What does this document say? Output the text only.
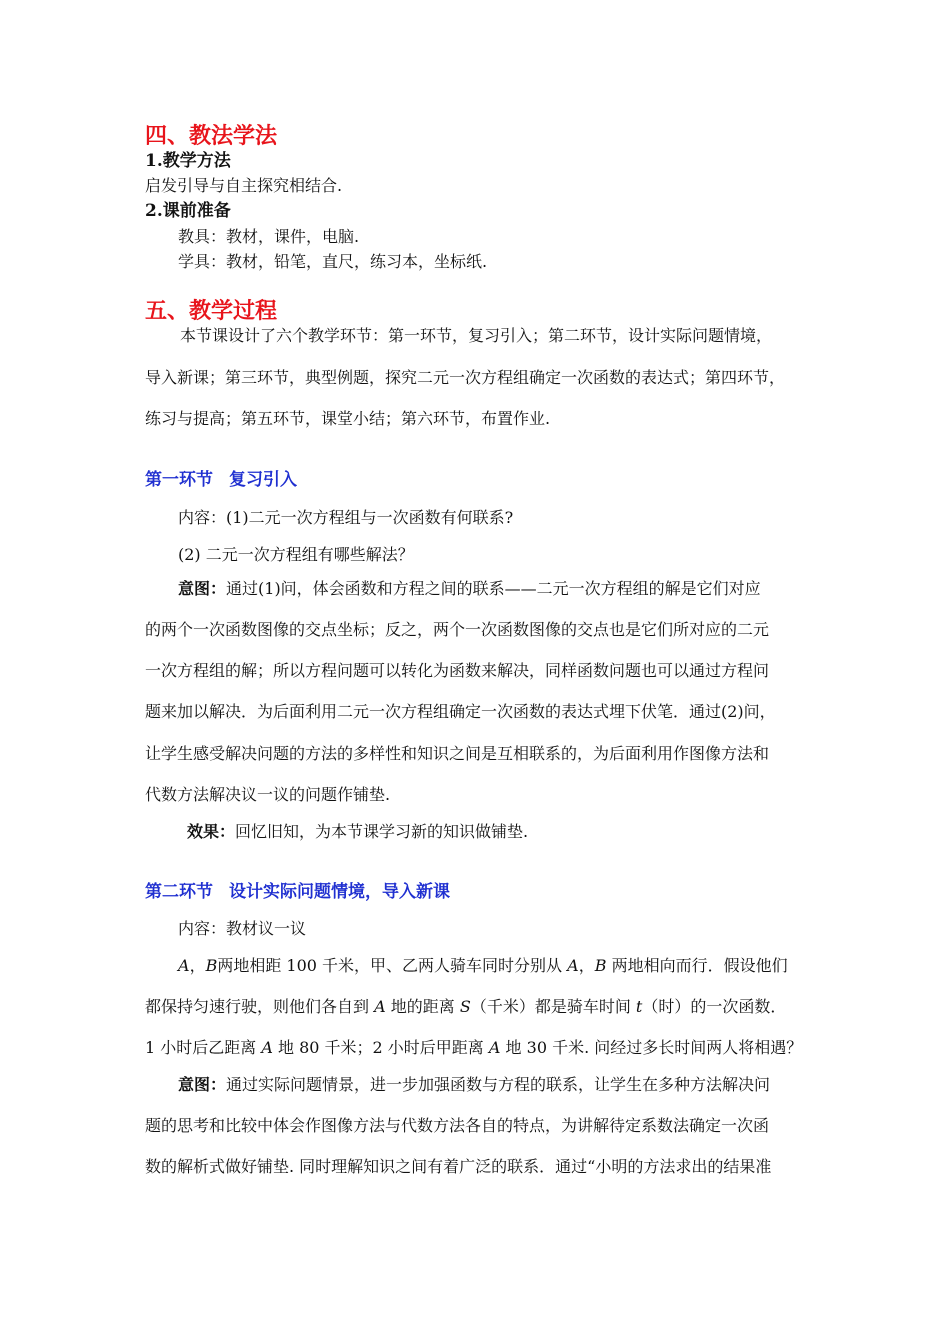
四、教法学法
1.教学方法
启发引导与自主探究相结合.
2.课前准备
教具：教材，课件，电脑.
学具：教材，铅笔，直尺，练习本，坐标纸.
五、教学过程
本节课设计了六个教学环节：第一环节，复习引入；第二环节，设计实际问题情境，
导入新课；第三环节，典型例题，探究二元一次方程组确定一次函数的表达式；第四环节，
练习与提高；第五环节，课堂小结；第六环节，布置作业.
第一环节 复习引入
内容：(1)二元一次方程组与一次函数有何联系?
(2) 二元一次方程组有哪些解法？
意图：通过(1)问，体会函数和方程之间的联系——二元一次方程组的解是它们对应
的两个一次函数图像的交点坐标；反之，两个一次函数图像的交点也是它们所对应的二元
一次方程组的解；所以方程问题可以转化为函数来解决，同样函数问题也可以通过方程问
题来加以解决．为后面利用二元一次方程组确定一次函数的表达式埋下伏笔．通过(2)问，
让学生感受解决问题的方法的多样性和知识之间是互相联系的，为后面利用作图像方法和
代数方法解决议一议的问题作铺垫.
效果：回忆旧知，为本节课学习新的知识做铺垫.
第二环节 设计实际问题情境，导入新课
内容：教材议一议
A，B两地相距 100 千米，甲、乙两人骑车同时分别从 A，B 两地相向而行．假设他们
都保持匀速行驶，则他们各自到 A 地的距离 S（千米）都是骑车时间 t（时）的一次函数．
1 小时后乙距离 A 地 80 千米；2 小时后甲距离 A 地 30 千米. 问经过多长时间两人将相遇？
意图：通过实际问题情景，进一步加强函数与方程的联系，让学生在多种方法解决问
题的思考和比较中体会作图像方法与代数方法各自的特点，为讲解待定系数法确定一次函
数的解析式做好铺垫. 同时理解知识之间有着广泛的联系．通过“小明的方法求出的结果准
